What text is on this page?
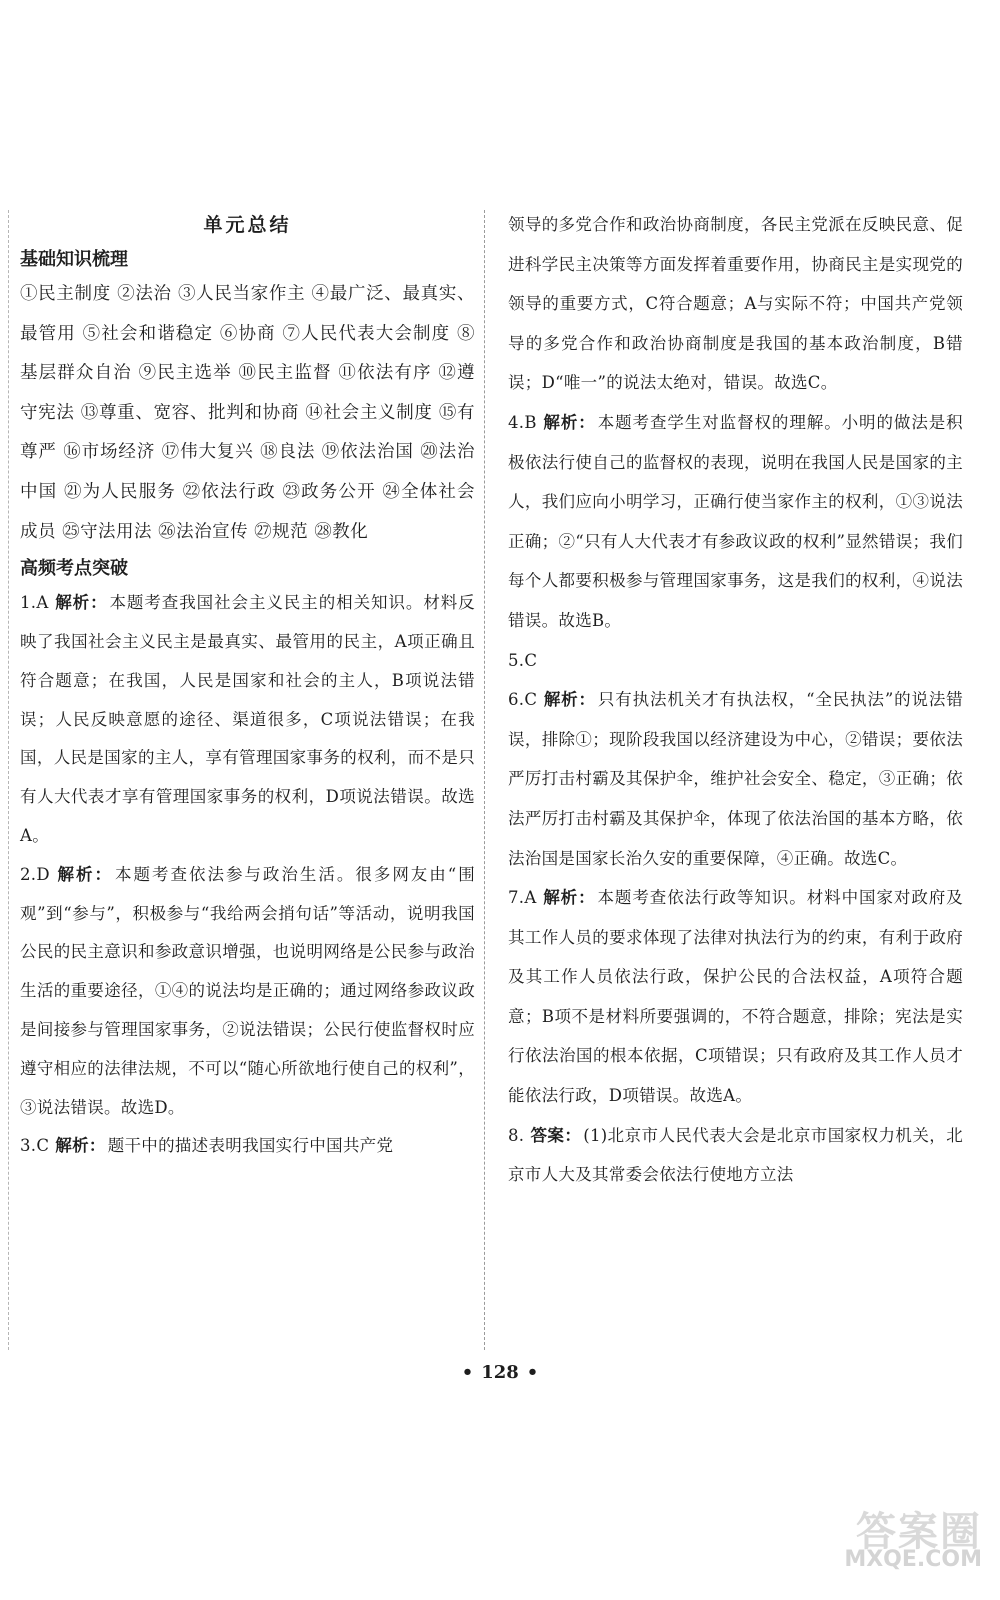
单元总结
基础知识梳理

①民主制度 ②法治 ③人民当家作主 ④最广泛、最真实、最管用 ⑤社会和谐稳定 ⑥协商 ⑦人民代表大会制度 ⑧基层群众自治 ⑨民主选举 ⑩民主监督 ⑪依法有序 ⑫遵守宪法 ⑬尊重、宽容、批判和协商 ⑭社会主义制度 ⑮有尊严 ⑯市场经济 ⑰伟大复兴 ⑱良法 ⑲依法治国 ⑳法治中国 ㉑为人民服务 ㉒依法行政 ㉓政务公开 ㉔全体社会成员 ㉕守法用法 ㉖法治宣传 ㉗规范 ㉘教化

高频考点突破

1.A 解析： 本题考查我国社会主义民主的相关知识。材料反映了我国社会主义民主是最真实、最管用的民主，A项正确且符合题意；在我国，人民是国家和社会的主人，B项说法错误；人民反映意愿的途径、渠道很多，C项说法错误；在我国，人民是国家的主人，享有管理国家事务的权利，而不是只有人大代表才享有管理国家事务的权利，D项说法错误。故选A。

2.D 解析： 本题考查依法参与政治生活。很多网友由“围观”到“参与”，积极参与“我给两会捎句话”等活动，说明我国公民的民主意识和参政意识增强，也说明网络是公民参与政治生活的重要途径，①④的说法均是正确的；通过网络参政议政是间接参与管理国家事务，②说法错误；公民行使监督权时应遵守相应的法律法规，不可以“随心所欲地行使自己的权利”，③说法错误。故选D。

3.C 解析： 题干中的描述表明我国实行中国共产党

领导的多党合作和政治协商制度，各民主党派在反映民意、促进科学民主决策等方面发挥着重要作用，协商民主是实现党的领导的重要方式，C符合题意；A与实际不符；中国共产党领导的多党合作和政治协商制度是我国的基本政治制度，B错误；D“唯一”的说法太绝对，错误。故选C。

4.B 解析： 本题考查学生对监督权的理解。小明的做法是积极依法行使自己的监督权的表现，说明在我国人民是国家的主人，我们应向小明学习，正确行使当家作主的权利，①③说法正确；②“只有人大代表才有参政议政的权利”显然错误；我们每个人都要积极参与管理国家事务，这是我们的权利，④说法错误。故选B。

5.C

6.C 解析： 只有执法机关才有执法权，“全民执法”的说法错误，排除①；现阶段我国以经济建设为中心，②错误；要依法严厉打击村霸及其保护伞，维护社会安全、稳定，③正确；依法严厉打击村霸及其保护伞，体现了依法治国的基本方略，依法治国是国家长治久安的重要保障，④正确。故选C。

7.A 解析： 本题考查依法行政等知识。材料中国家对政府及其工作人员的要求体现了法律对执法行为的约束，有利于政府及其工作人员依法行政，保护公民的合法权益，A项符合题意；B项不是材料所要强调的，不符合题意，排除；宪法是实行依法治国的根本依据，C项错误；只有政府及其工作人员才能依法行政，D项错误。故选A。

8. 答案： (1)北京市人民代表大会是北京市国家权力机关，北京市人大及其常委会依法行使地方立法

• 128 •
答案圈
MXQE.COM
